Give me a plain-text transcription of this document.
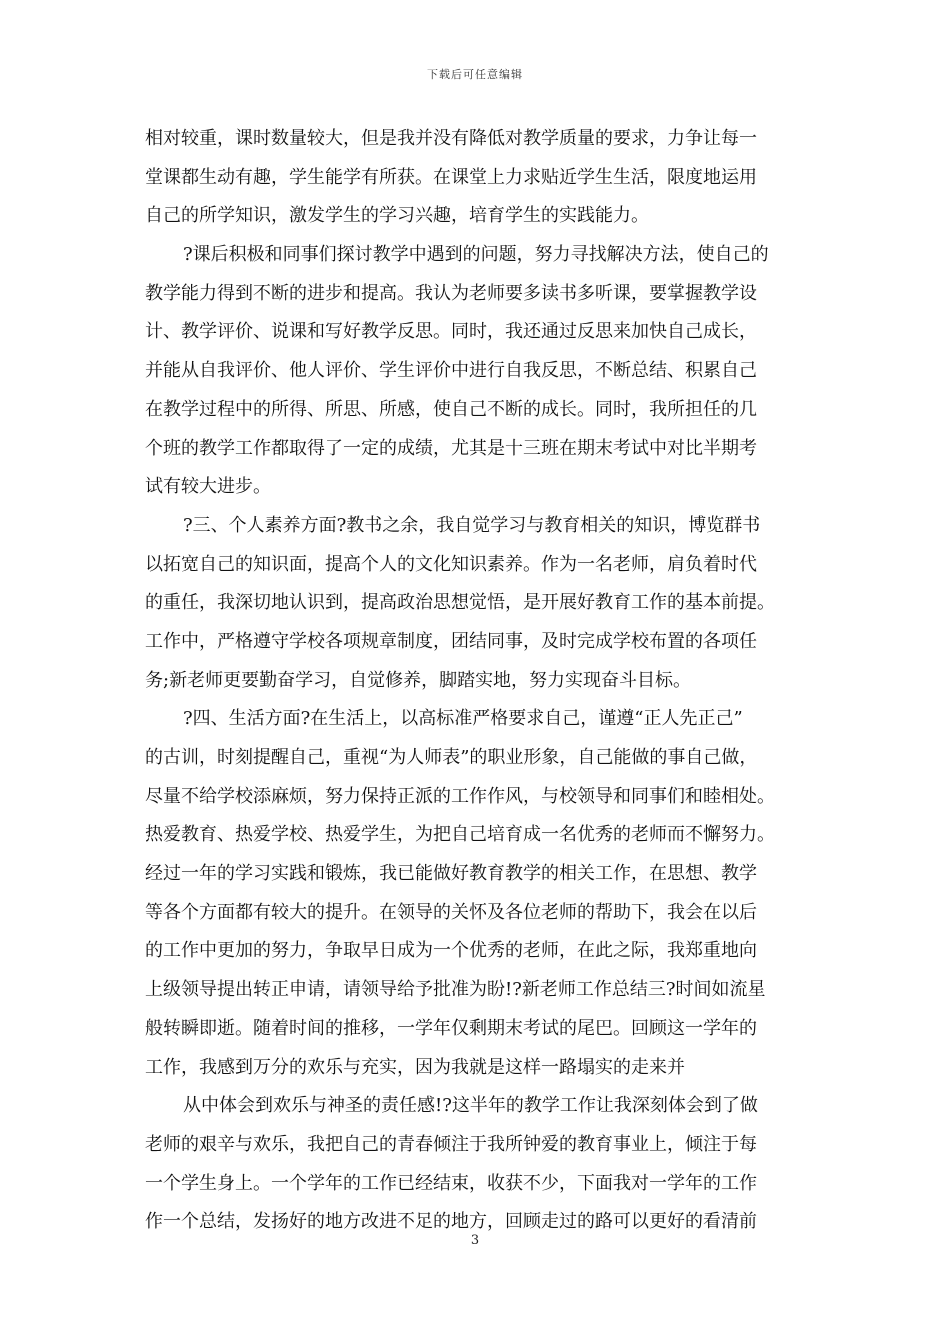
下载后可任意编辑
相对较重，课时数量较大，但是我并没有降低对教学质量的要求，力争让每一
堂课都生动有趣，学生能学有所获。在课堂上力求贴近学生生活，限度地运用
自己的所学知识，激发学生的学习兴趣，培育学生的实践能力。
?课后积极和同事们探讨教学中遇到的问题，努力寻找解决方法，使自己的
教学能力得到不断的进步和提高。我认为老师要多读书多听课，要掌握教学设
计、教学评价、说课和写好教学反思。同时，我还通过反思来加快自己成长，
并能从自我评价、他人评价、学生评价中进行自我反思，不断总结、积累自己
在教学过程中的所得、所思、所感，使自己不断的成长。同时，我所担任的几
个班的教学工作都取得了一定的成绩，尤其是十三班在期末考试中对比半期考
试有较大进步。
?三、个人素养方面?教书之余，我自觉学习与教育相关的知识，博览群书
以拓宽自己的知识面，提高个人的文化知识素养。作为一名老师，肩负着时代
的重任，我深切地认识到，提高政治思想觉悟，是开展好教育工作的基本前提。
工作中，严格遵守学校各项规章制度，团结同事，及时完成学校布置的各项任
务;新老师更要勤奋学习，自觉修养，脚踏实地，努力实现奋斗目标。
?四、生活方面?在生活上，以高标准严格要求自己，谨遵“正人先正己”
的古训，时刻提醒自己，重视“为人师表”的职业形象，自己能做的事自己做，
尽量不给学校添麻烦，努力保持正派的工作作风，与校领导和同事们和睦相处。
热爱教育、热爱学校、热爱学生，为把自己培育成一名优秀的老师而不懈努力。
经过一年的学习实践和锻炼，我已能做好教育教学的相关工作，在思想、教学
等各个方面都有较大的提升。在领导的关怀及各位老师的帮助下，我会在以后
的工作中更加的努力，争取早日成为一个优秀的老师，在此之际，我郑重地向
上级领导提出转正申请，请领导给予批准为盼!?新老师工作总结三?时间如流星
般转瞬即逝。随着时间的推移，一学年仅剩期末考试的尾巴。回顾这一学年的
工作，我感到万分的欢乐与充实，因为我就是这样一路塌实的走来并
从中体会到欢乐与神圣的责任感!?这半年的教学工作让我深刻体会到了做
老师的艰辛与欢乐，我把自己的青春倾注于我所钟爱的教育事业上，倾注于每
一个学生身上。一个学年的工作已经结束，收获不少，下面我对一学年的工作
作一个总结，发扬好的地方改进不足的地方，回顾走过的路可以更好的看清前
3
